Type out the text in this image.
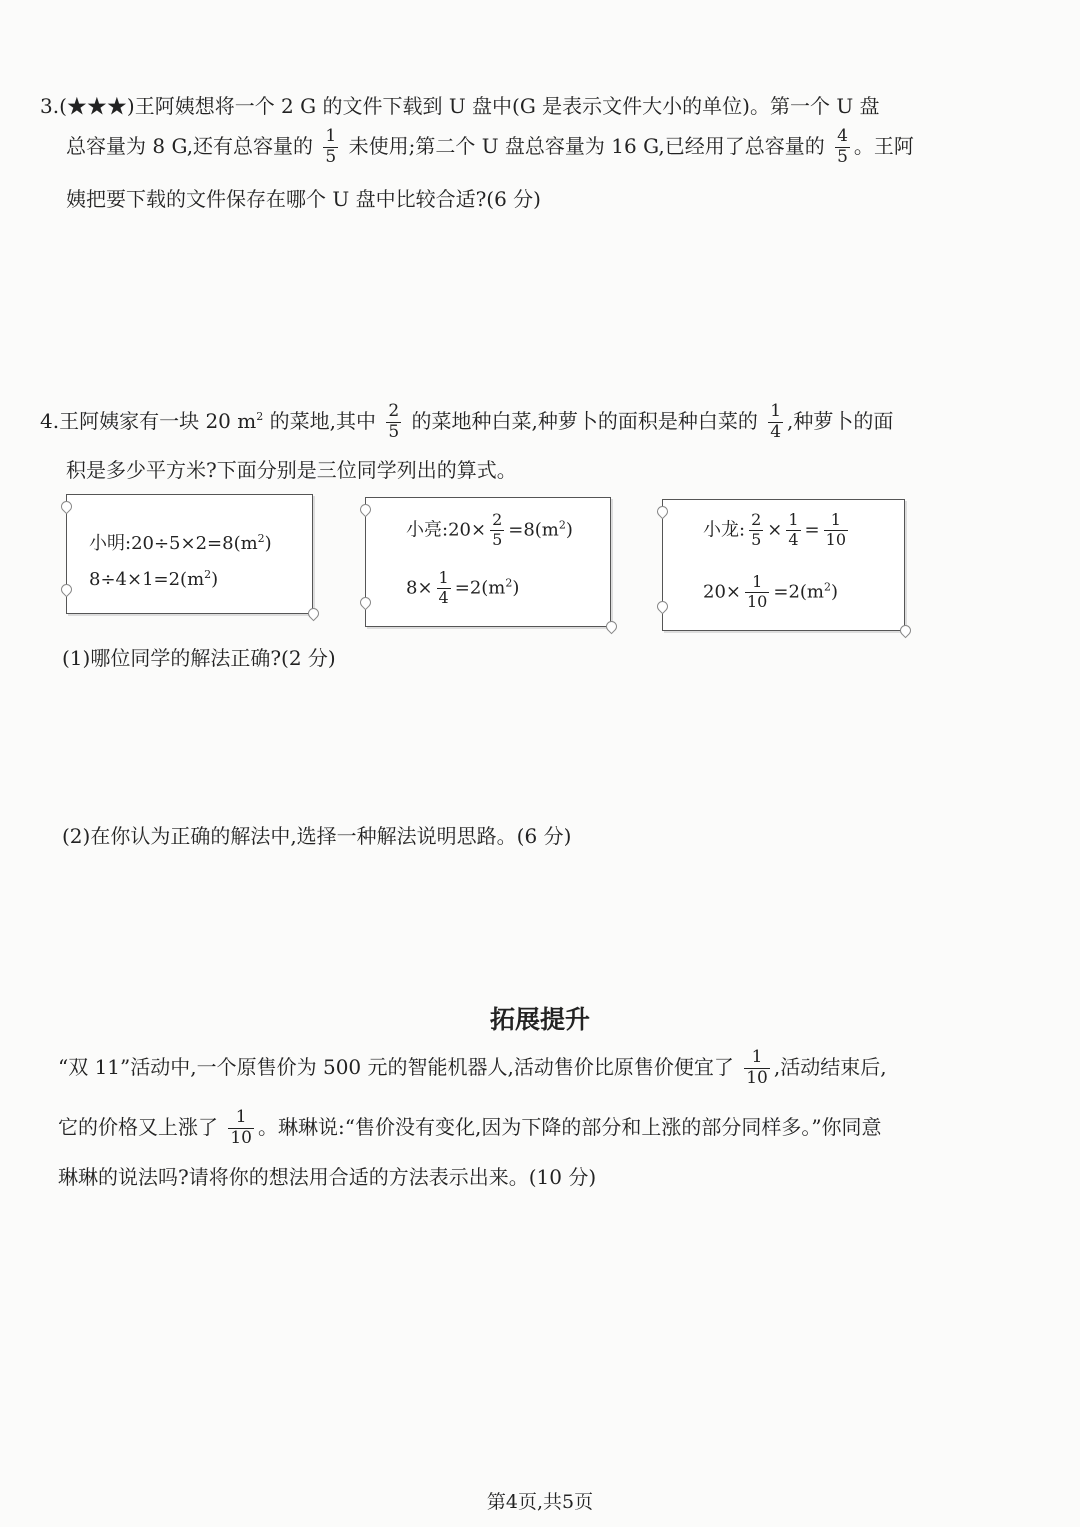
3.(★★★)王阿姨想将一个 2 G 的文件下载到 U 盘中(G 是表示文件大小的单位)。第一个 U 盘
总容量为 8 G,还有总容量的 $\frac{1}{5}$ 未使用;第二个 U 盘总容量为 16 G,已经用了总容量的 $\frac{4}{5}$ 。王阿
姨把要下载的文件保存在哪个 U 盘中比较合适?(6 分)
4.王阿姨家有一块 20 $m^2$ 的菜地,其中 $\frac{2}{5}$ 的菜地种白菜,种萝卜的面积是种白菜的 $\frac{1}{4}$ ,种萝卜的面
积是多少平方米?下面分别是三位同学列出的算式。
小明$:20\div 5\times 2=8(m^2)$
$8\div 4\times 1=2(m^2)$
小亮:20× $\frac{2}{5} =8(m^2)$
$8\times \frac{1}{4} =2(m^2)$
小龙: $\frac{2}{5} \times \frac{1}{4} = \frac{1}{10}$
$20\times \frac{1}{10} =2(m^2)$
(1)哪位同学的解法正确?(2 分)
(2)在你认为正确的解法中,选择一种解法说明思路。(6 分)
拓展提升
“双 11”活动中,一个原售价为 500 元的智能机器人,活动售价比原售价便宜了 $\frac{1}{10}$ ,活动结束后,
它的价格又上涨了 $\frac{1}{10}$ 。琳琳说:“售价没有变化,因为下降的部分和上涨的部分同样多。”你同意
琳琳的说法吗?请将你的想法用合适的方法表示出来。(10 分)
第4页,共5页
